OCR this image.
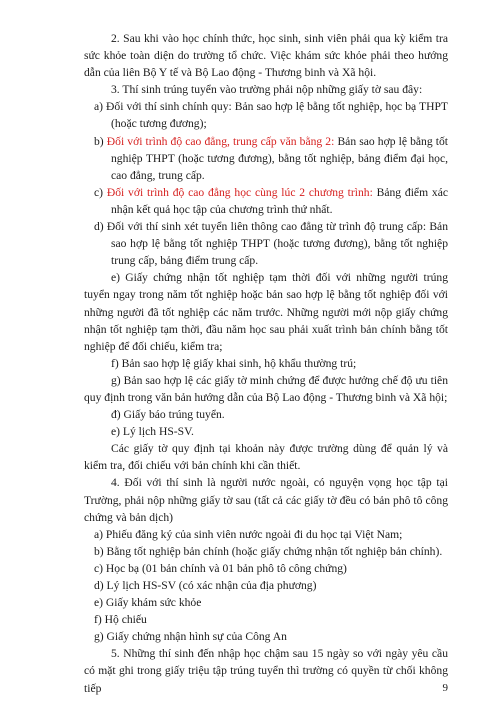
2. Sau khi vào học chính thức, học sinh, sinh viên phải qua kỳ kiểm tra sức khỏe toàn diện do trường tổ chức. Việc khám sức khỏe phải theo hướng dẫn của liên Bộ Y tế và Bộ Lao động - Thương binh và Xã hội.

3. Thí sinh trúng tuyển vào trường phải nộp những giấy tờ sau đây:

a) Đối với thí sinh chính quy: Bản sao hợp lệ bằng tốt nghiệp, học bạ THPT (hoặc tương đương);

b) Đối với trình độ cao đẳng, trung cấp văn bằng 2: Bản sao hợp lệ bằng tốt nghiệp THPT (hoặc tương đương), bằng tốt nghiệp, bảng điểm đại học, cao đẳng, trung cấp.

c) Đối với trình độ cao đẳng học cùng lúc 2 chương trình: Bảng điểm xác nhận kết quả học tập của chương trình thứ nhất.

d) Đối với thí sinh xét tuyển liên thông cao đẳng từ trình độ trung cấp: Bản sao hợp lệ bằng tốt nghiệp THPT (hoặc tương đương), bằng tốt nghiệp trung cấp, bảng điểm trung cấp.

e) Giấy chứng nhận tốt nghiệp tạm thời đối với những người trúng tuyển ngay trong năm tốt nghiệp hoặc bản sao hợp lệ bằng tốt nghiệp đối với những người đã tốt nghiệp các năm trước. Những người mới nộp giấy chứng nhận tốt nghiệp tạm thời, đầu năm học sau phải xuất trình bản chính bằng tốt nghiệp để đối chiếu, kiểm tra;

f) Bản sao hợp lệ giấy khai sinh, hộ khẩu thường trú;

g) Bản sao hợp lệ các giấy tờ minh chứng để được hưởng chế độ ưu tiên quy định trong văn bản hướng dẫn của Bộ Lao động - Thương binh và Xã hội;

đ) Giấy báo trúng tuyển.

e) Lý lịch HS-SV.

Các giấy tờ quy định tại khoản này được trường dùng để quản lý và kiểm tra, đối chiếu với bản chính khi cần thiết.

4. Đối với thí sinh là người nước ngoài, có nguyện vọng học tập tại Trường, phải nộp những giấy tờ sau (tất cả các giấy tờ đều có bản phô tô công chứng và bản dịch)

a) Phiếu đăng ký của sinh viên nước ngoài đi du học tại Việt Nam;

b) Bằng tốt nghiệp bản chính (hoặc giấy chứng nhận tốt nghiệp bản chính).

c) Học bạ (01 bản chính và 01 bản phô tô công chứng)

d) Lý lịch HS-SV (có xác nhận của địa phương)

e) Giấy khám sức khỏe

f) Hộ chiếu

g) Giấy chứng nhận hình sự của Công An

5. Những thí sinh đến nhập học chậm sau 15 ngày so với ngày yêu cầu có mặt ghi trong giấy triệu tập trúng tuyển thì trường có quyền từ chối không tiếp	9
